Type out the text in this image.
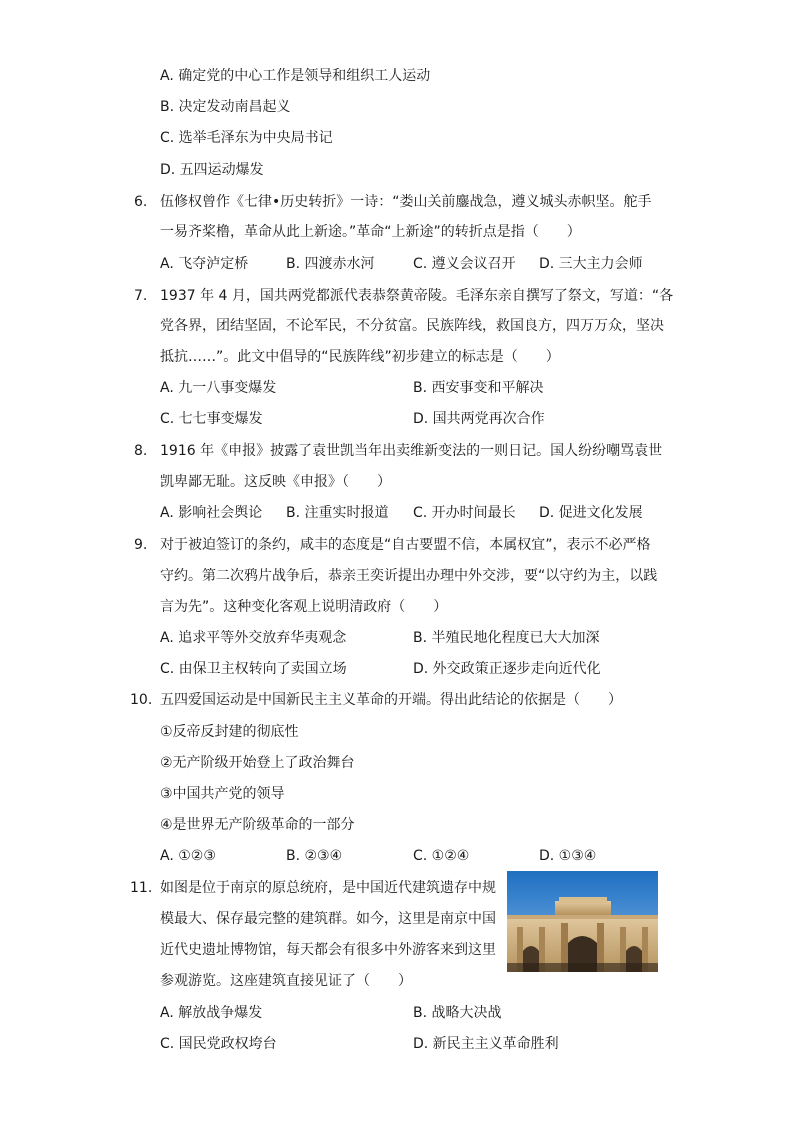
A. 确定党的中心工作是领导和组织工人运动
B. 决定发动南昌起义
C. 选举毛泽东为中央局书记
D. 五四运动爆发
6. 伍修权曾作《七律•历史转折》一诗：“娄山关前鏖战急，遵义城头赤帜坚。舵手
一易齐桨橹，革命从此上新途。”革命“上新途”的转折点是指（　　）
A. 飞夺泸定桥	B. 四渡赤水河	C. 遵义会议召开 D. 三大主力会师
7. 1937 年 4 月，国共两党都派代表恭祭黄帝陵。毛泽东亲自撰写了祭文，写道：“各
党各界，团结坚固，不论军民，不分贫富。民族阵线，救国良方，四万万众，坚决
抵抗……”。此文中倡导的“民族阵线”初步建立的标志是（　　）
A. 九一八事变爆发	B. 西安事变和平解决
C. 七七事变爆发	D. 国共两党再次合作
8. 1916 年《申报》披露了袁世凯当年出卖维新变法的一则日记。国人纷纷嘲骂袁世
凯卑鄙无耻。这反映《申报》（　　）
A. 影响社会舆论 B. 注重实时报道 C. 开办时间最长 D. 促进文化发展
9. 对于被迫签订的条约，咸丰的态度是“自古要盟不信，本属权宜”，表示不必严格
守约。第二次鸦片战争后，恭亲王奕䜣提出办理中外交涉，要“以守约为主，以践
言为先”。这种变化客观上说明清政府（　　）
A. 追求平等外交放弃华夷观念	B. 半殖民地化程度已大大加深
C. 由保卫主权转向了卖国立场	D. 外交政策正逐步走向近代化
10. 五四爱国运动是中国新民主主义革命的开端。得出此结论的依据是（　　）
①反帝反封建的彻底性
②无产阶级开始登上了政治舞台
③中国共产党的领导
④是世界无产阶级革命的一部分
A. ①②③	B. ②③④	C. ①②④	D. ①③④
11. 如图是位于南京的原总统府，是中国近代建筑遗存中规
模最大、保存最完整的建筑群。如今，这里是南京中国
近代史遗址博物馆，每天都会有很多中外游客来到这里
参观游览。这座建筑直接见证了（　　）
A. 解放战争爆发	B. 战略大决战
C. 国民党政权垮台	D. 新民主主义革命胜利
